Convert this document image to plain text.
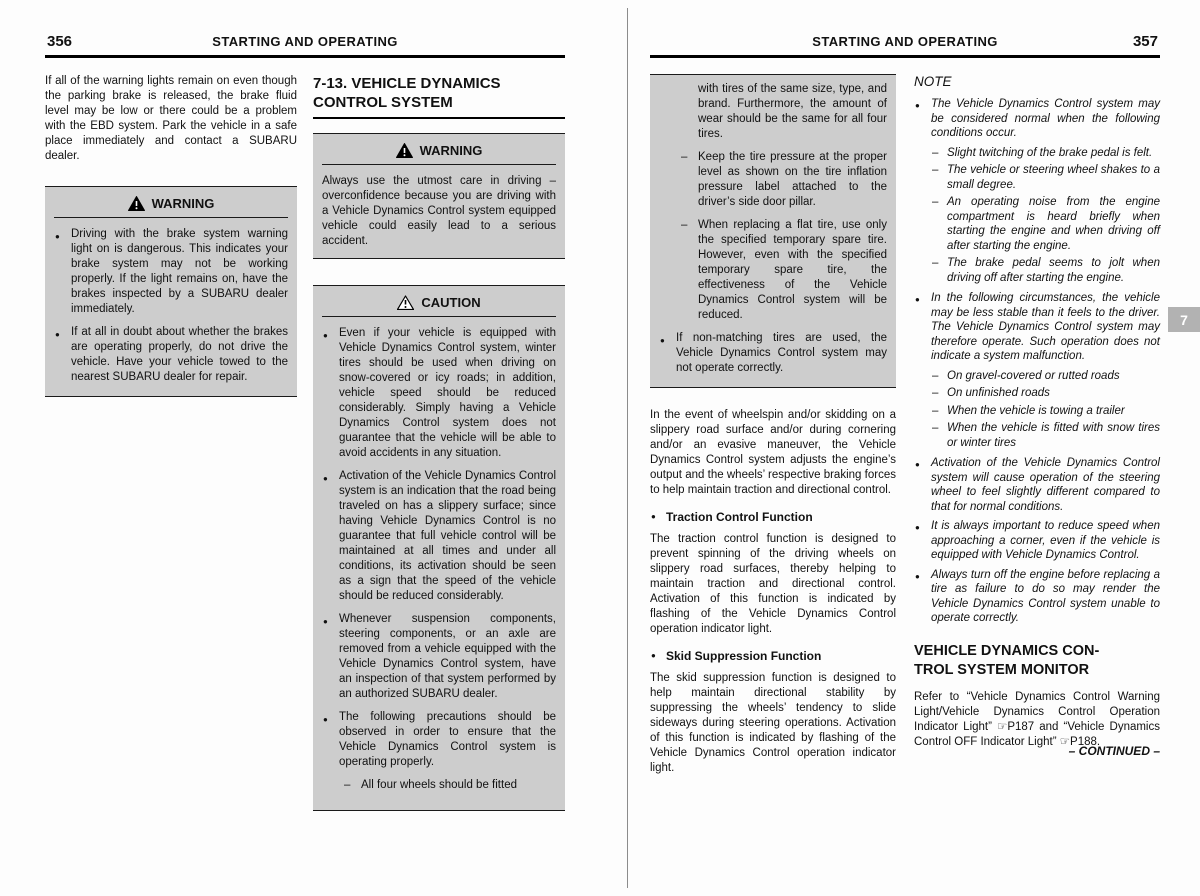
356	STARTING AND OPERATING

If all of the warning lights remain on even though the parking brake is released, the brake fluid level may be low or there could be a problem with the EBD system. Park the vehicle in a safe place immediately and contact a SUBARU dealer.

WARNING
● Driving with the brake system warning light on is dangerous. This indicates your brake system may not be working properly. If the light remains on, have the brakes inspected by a SUBARU dealer immediately.
● If at all in doubt about whether the brakes are operating properly, do not drive the vehicle. Have your vehicle towed to the nearest SUBARU dealer for repair.
7-13. VEHICLE DYNAMICS CONTROL SYSTEM
WARNING
Always use the utmost care in driving – overconfidence because you are driving with a Vehicle Dynamics Control system equipped vehicle could easily lead to a serious accident.
CAUTION
● Even if your vehicle is equipped with Vehicle Dynamics Control system, winter tires should be used when driving on snow-covered or icy roads; in addition, vehicle speed should be reduced considerably. Simply having a Vehicle Dynamics Control system does not guarantee that the vehicle will be able to avoid accidents in any situation.
● Activation of the Vehicle Dynamics Control system is an indication that the road being traveled on has a slippery surface; since having Vehicle Dynamics Control is no guarantee that full vehicle control will be maintained at all times and under all conditions, its activation should be seen as a sign that the speed of the vehicle should be reduced considerably.
● Whenever suspension components, steering components, or an axle are removed from a vehicle equipped with the Vehicle Dynamics Control system, have an inspection of that system performed by an authorized SUBARU dealer.
● The following precautions should be observed in order to ensure that the Vehicle Dynamics Control system is operating properly.
– All four wheels should be fitted
STARTING AND OPERATING	357
with tires of the same size, type, and brand. Furthermore, the amount of wear should be the same for all four tires.
– Keep the tire pressure at the proper level as shown on the tire inflation pressure label attached to the driver’s side door pillar.
– When replacing a flat tire, use only the specified temporary spare tire. However, even with the specified temporary spare tire, the effectiveness of the Vehicle Dynamics Control system will be reduced.
● If non-matching tires are used, the Vehicle Dynamics Control system may not operate correctly.

In the event of wheelspin and/or skidding on a slippery road surface and/or during cornering and/or an evasive maneuver, the Vehicle Dynamics Control system adjusts the engine’s output and the wheels’ respective braking forces to help maintain traction and directional control.

● Traction Control Function

The traction control function is designed to prevent spinning of the driving wheels on slippery road surfaces, thereby helping to maintain traction and directional control. Activation of this function is indicated by flashing of the Vehicle Dynamics Control operation indicator light.

● Skid Suppression Function

The skid suppression function is designed to help maintain directional stability by suppressing the wheels’ tendency to slide sideways during steering operations. Activation of this function is indicated by flashing of the Vehicle Dynamics Control operation indicator light.

NOTE
● The Vehicle Dynamics Control system may be considered normal when the following conditions occur.
– Slight twitching of the brake pedal is felt.
– The vehicle or steering wheel shakes to a small degree.
– An operating noise from the engine compartment is heard briefly when starting the engine and when driving off after starting the engine.
– The brake pedal seems to jolt when driving off after starting the engine.
● In the following circumstances, the vehicle may be less stable than it feels to the driver. The Vehicle Dynamics Control system may therefore operate. Such operation does not indicate a system malfunction.
– On gravel-covered or rutted roads
– On unfinished roads
– When the vehicle is towing a trailer
– When the vehicle is fitted with snow tires or winter tires
● Activation of the Vehicle Dynamics Control system will cause operation of the steering wheel to feel slightly different compared to that for normal conditions.
● It is always important to reduce speed when approaching a corner, even if the vehicle is equipped with Vehicle Dynamics Control.
● Always turn off the engine before replacing a tire as failure to do so may render the Vehicle Dynamics Control system unable to operate correctly.
VEHICLE DYNAMICS CON-
TROL SYSTEM MONITOR

Refer to “Vehicle Dynamics Control Warning Light/Vehicle Dynamics Control Operation Indicator Light” ☞P187 and “Vehicle Dynamics Control OFF Indicator Light” ☞P188.

– CONTINUED –
7
